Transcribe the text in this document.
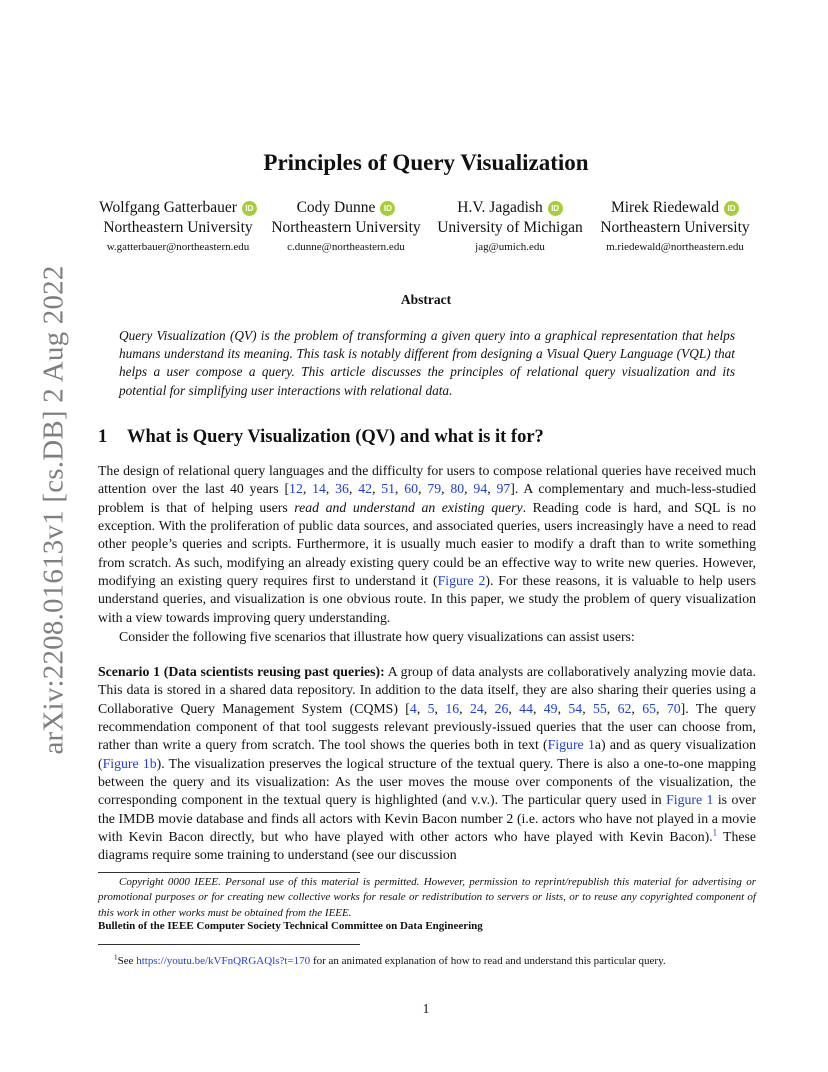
arXiv:2208.01613v1 [cs.DB] 2 Aug 2022
Principles of Query Visualization
Wolfgang Gatterbauer	ID
Northeastern University
w.gatterbauer@northeastern.edu
Cody Dunne	ID
Northeastern University
c.dunne@northeastern.edu
H.V. Jagadish	ID
University of Michigan
jag@umich.edu
Mirek Riedewald	ID
Northeastern University
m.riedewald@northeastern.edu
Abstract
Query Visualization (QV) is the problem of transforming a given query into a graphical representation that helps humans understand its meaning. This task is notably different from designing a Visual Query Language (VQL) that helps a user compose a query. This article discusses the principles of relational query visualization and its potential for simplifying user interactions with relational data.
1 What is Query Visualization (QV) and what is it for?
The design of relational query languages and the difficulty for users to compose relational queries have received much attention over the last 40 years [12, 14, 36, 42, 51, 60, 79, 80, 94, 97]. A complementary and much-less-studied problem is that of helping users read and understand an existing query. Reading code is hard, and SQL is no exception. With the proliferation of public data sources, and associated queries, users increasingly have a need to read other people’s queries and scripts. Furthermore, it is usually much easier to modify a draft than to write something from scratch. As such, modifying an already existing query could be an effective way to write new queries. However, modifying an existing query requires first to understand it (Figure 2). For these reasons, it is valuable to help users understand queries, and visualization is one obvious route. In this paper, we study the problem of query visualization with a view towards improving query understanding.
Consider the following five scenarios that illustrate how query visualizations can assist users:
Scenario 1 (Data scientists reusing past queries): A group of data analysts are collaboratively analyzing movie data. This data is stored in a shared data repository. In addition to the data itself, they are also sharing their queries using a Collaborative Query Management System (CQMS) [4, 5, 16, 24, 26, 44, 49, 54, 55, 62, 65, 70]. The query recommendation component of that tool suggests relevant previously-issued queries that the user can choose from, rather than write a query from scratch. The tool shows the queries both in text (Figure 1a) and as query visualization (Figure 1b). The visualization preserves the logical structure of the textual query. There is also a one-to-one mapping between the query and its visualization: As the user moves the mouse over components of the visualization, the corresponding component in the textual query is highlighted (and v.v.). The particular query used in Figure 1 is over the IMDB movie database and finds all actors with Kevin Bacon number 2 (i.e. actors who have not played in a movie with Kevin Bacon directly, but who have played with other actors who have played with Kevin Bacon).$^1$ These diagrams require some training to understand (see our discussion
Copyright 0000 IEEE. Personal use of this material is permitted. However, permission to reprint/republish this material for advertising or promotional purposes or for creating new collective works for resale or redistribution to servers or lists, or to reuse any copyrighted component of this work in other works must be obtained from the IEEE.
Bulletin of the IEEE Computer Society Technical Committee on Data Engineering
$^1$See https://youtu.be/kVFnQRGAQls?t=170 for an animated explanation of how to read and understand this particular query.
1
